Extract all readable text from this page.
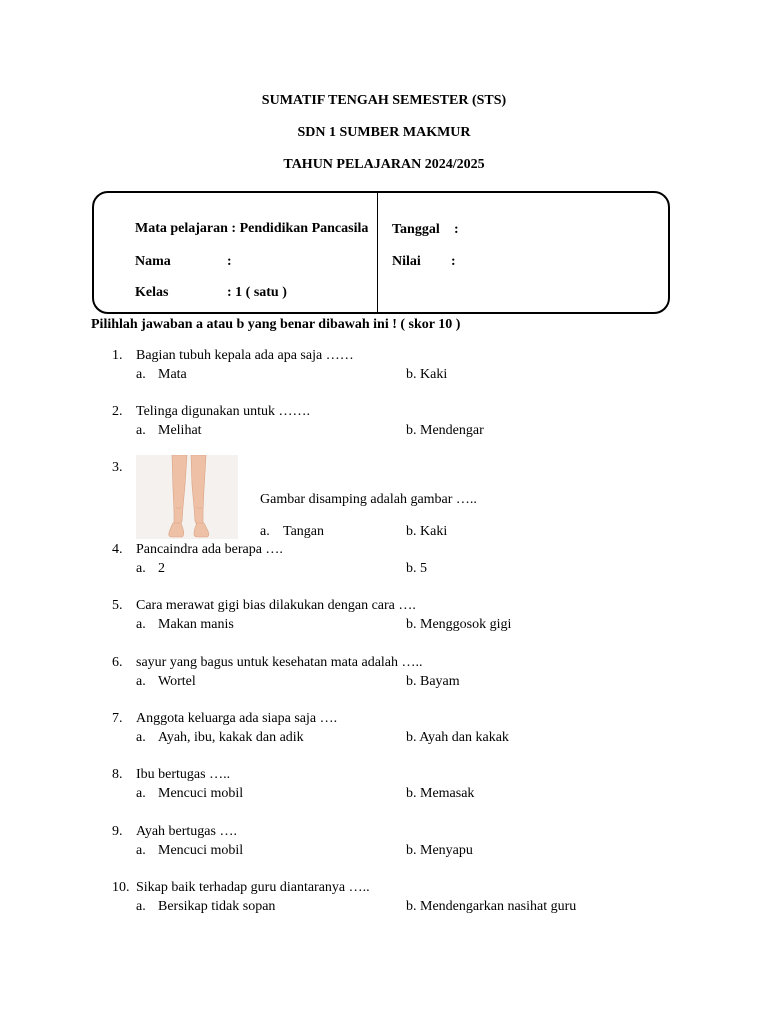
SUMATIF TENGAH SEMESTER (STS)
SDN 1 SUMBER MAKMUR
TAHUN PELAJARAN 2024/2025
Mata pelajaran : Pendidikan Pancasila
Nama	:
Kelas	: 1 ( satu )
Tanggal :
Nilai :
Pilihlah jawaban a atau b yang benar dibawah ini ! ( skor 10 )
1. Bagian tubuh kepala ada apa saja ……
a. Mata	b. Kaki
2. Telinga digunakan untuk …….
a. Melihat	b. Mendengar
3.
Gambar disamping adalah gambar …..
a. Tangan	b. Kaki
4. Pancaindra ada berapa ….
a. 2	b. 5
5. Cara merawat gigi bias dilakukan dengan cara ….
a. Makan manis	b. Menggosok gigi
6. sayur yang bagus untuk kesehatan mata adalah …..
a. Wortel	b. Bayam
7. Anggota keluarga ada siapa saja ….
a. Ayah, ibu, kakak dan adik	b. Ayah dan kakak
8. Ibu bertugas …..
a. Mencuci mobil	b. Memasak
9. Ayah bertugas ….
a. Mencuci mobil	b. Menyapu
10. Sikap baik terhadap guru diantaranya …..
a. Bersikap tidak sopan	b. Mendengarkan nasihat guru
